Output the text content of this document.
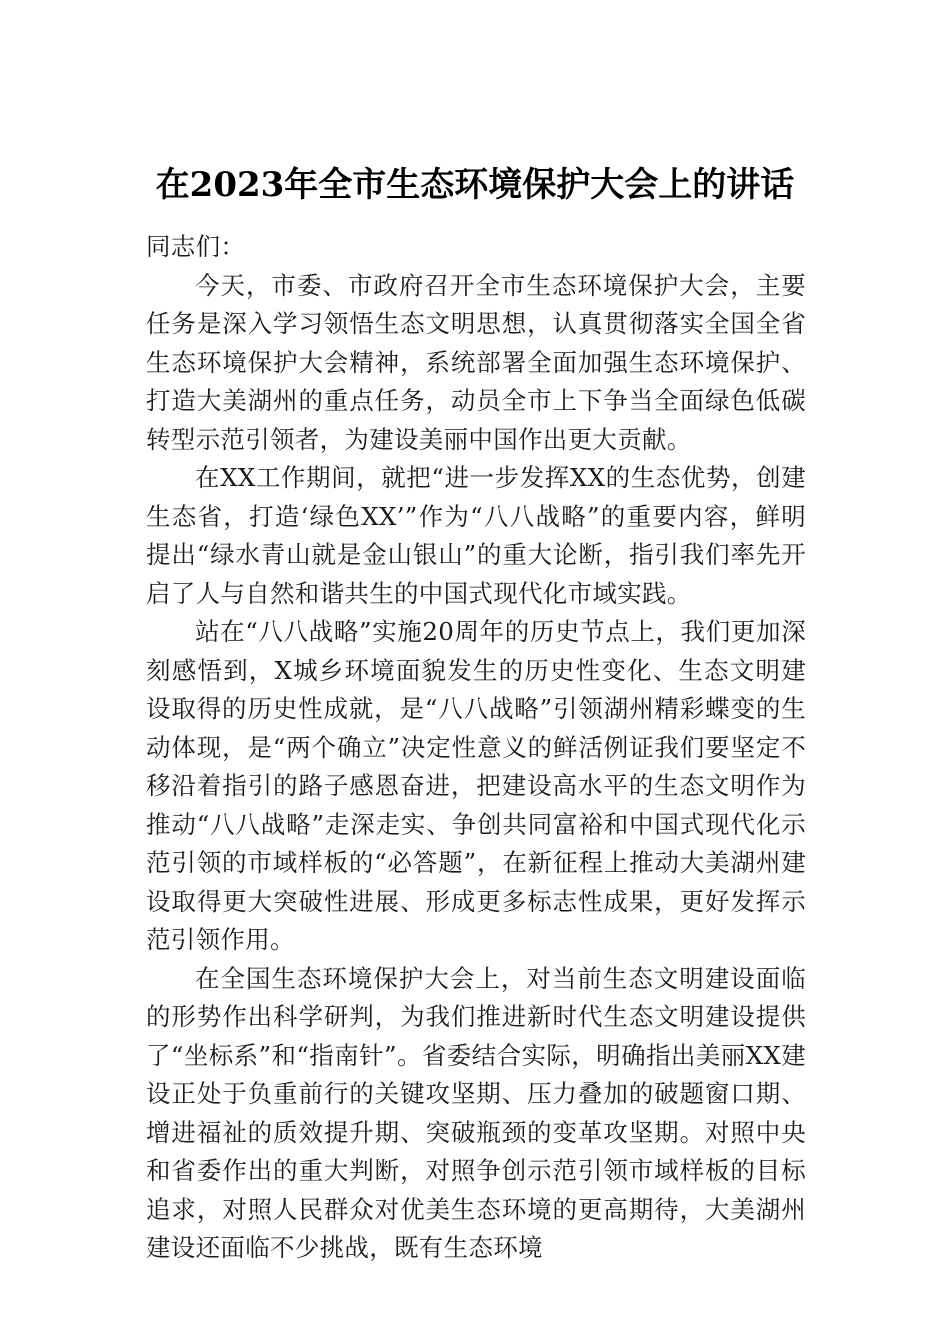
在2023年全市生态环境保护大会上的讲话

同志们：

今天，市委、市政府召开全市生态环境保护大会，主要任务是深入学习领悟生态文明思想，认真贯彻落实全国全省生态环境保护大会精神，系统部署全面加强生态环境保护、打造大美湖州的重点任务，动员全市上下争当全面绿色低碳转型示范引领者，为建设美丽中国作出更大贡献。

在XX工作期间，就把“进一步发挥XX的生态优势，创建生态省，打造‘绿色XX’”作为“八八战略”的重要内容，鲜明提出“绿水青山就是金山银山”的重大论断，指引我们率先开启了人与自然和谐共生的中国式现代化市域实践。

站在“八八战略”实施20周年的历史节点上，我们更加深刻感悟到，X城乡环境面貌发生的历史性变化、生态文明建设取得的历史性成就，是“八八战略”引领湖州精彩蝶变的生动体现，是“两个确立”决定性意义的鲜活例证我们要坚定不移沿着指引的路子感恩奋进，把建设高水平的生态文明作为推动“八八战略”走深走实、争创共同富裕和中国式现代化示范引领的市域样板的“必答题”，在新征程上推动大美湖州建设取得更大突破性进展、形成更多标志性成果，更好发挥示范引领作用。

在全国生态环境保护大会上，对当前生态文明建设面临的形势作出科学研判，为我们推进新时代生态文明建设提供了“坐标系”和“指南针”。省委结合实际，明确指出美丽XX建设正处于负重前行的关键攻坚期、压力叠加的破题窗口期、增进福祉的质效提升期、突破瓶颈的变革攻坚期。对照中央和省委作出的重大判断，对照争创示范引领市域样板的目标追求，对照人民群众对优美生态环境的更高期待，大美湖州建设还面临不少挑战，既有生态环境
